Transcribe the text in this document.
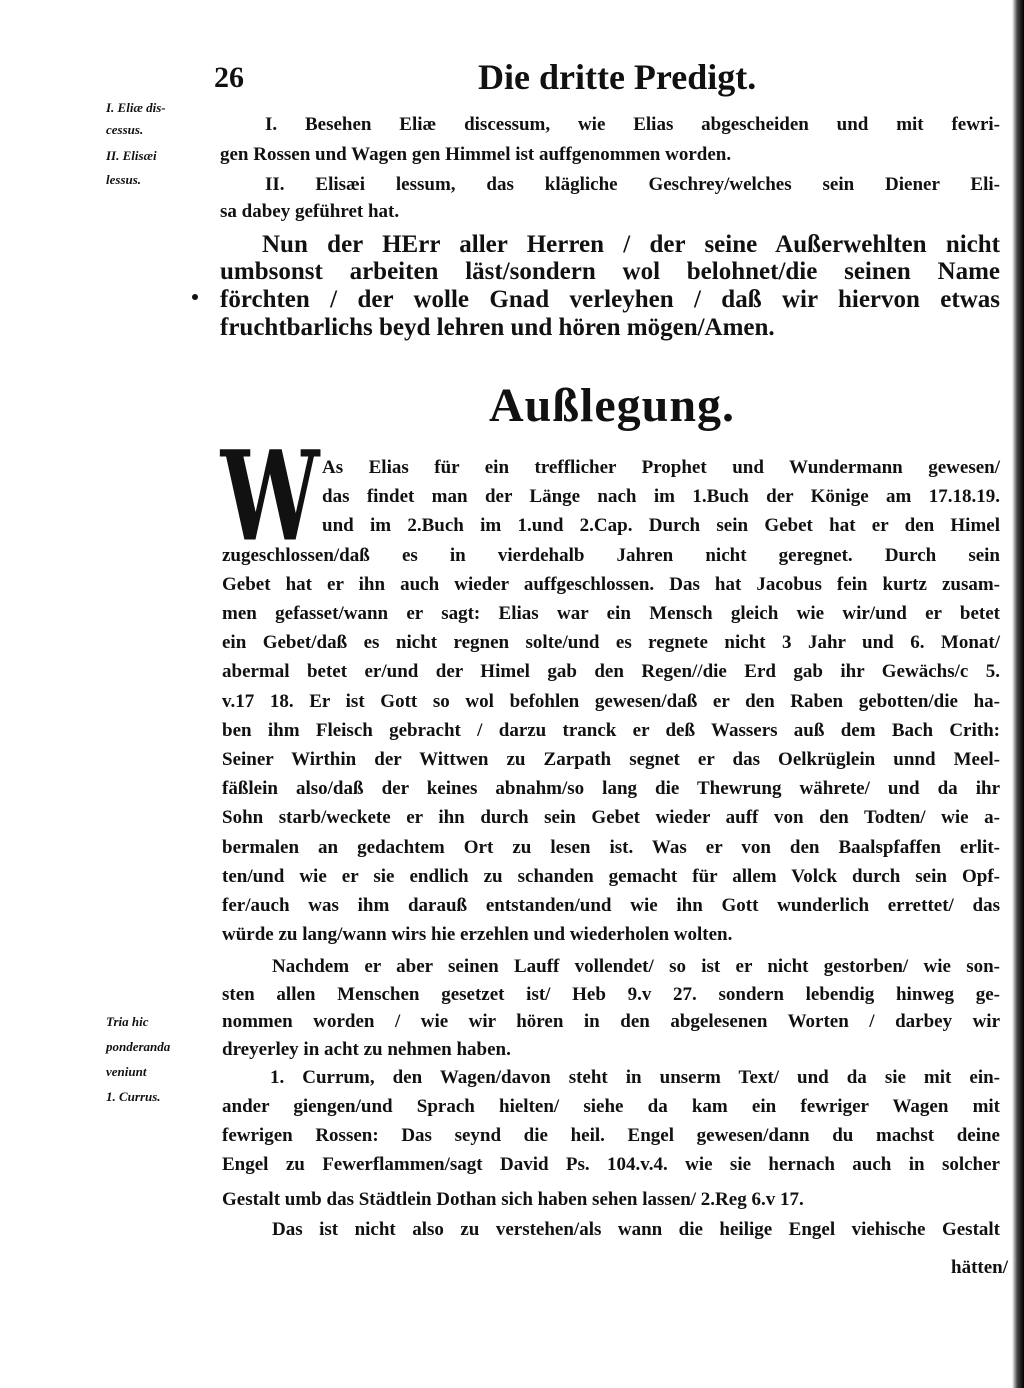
26	Die dritte Predigt.
I. Eliæ dis-
cessus.
II. Elisæi
lessus.
I. Besehen Eliæ discessum, wie Elias abgescheiden und mit fewri-
gen Rossen und Wagen gen Himmel ist auffgenommen worden.
II. Elisæi lessum, das klägliche Geschrey/welches sein Diener Eli-
sa dabey geführet hat.
Nun der HErr aller Herren / der seine Außerwehlten nicht
umbsonst arbeiten läst/sondern wol belohnet/die seinen Name
förchten / der wolle Gnad verleyhen / daß wir hiervon etwas
fruchtbarlichs beyd lehren und hören mögen/Amen.
Außlegung.
W As Elias für ein trefflicher Prophet und Wundermann gewesen/
das findet man der Länge nach im 1.Buch der Könige am 17.18.19.
und im 2.Buch im 1.und 2.Cap. Durch sein Gebet hat er den Himel
zugeschlossen/daß es in vierdehalb Jahren nicht geregnet. Durch sein
Gebet hat er ihn auch wieder auffgeschlossen. Das hat Jacobus fein kurtz zusam-
men gefasset/wann er sagt: Elias war ein Mensch gleich wie wir/und er betet
ein Gebet/daß es nicht regnen solte/und es regnete nicht 3 Jahr und 6. Monat/
abermal betet er/und der Himel gab den Regen//die Erd gab ihr Gewächs/c 5.
v.17 18. Er ist Gott so wol befohlen gewesen/daß er den Raben gebotten/die ha-
ben ihm Fleisch gebracht / darzu tranck er deß Wassers auß dem Bach Crith:
Seiner Wirthin der Wittwen zu Zarpath segnet er das Oelkrüglein unnd Meel-
fäßlein also/daß der keines abnahm/so lang die Thewrung währete/ und da ihr
Sohn starb/weckete er ihn durch sein Gebet wieder auff von den Todten/ wie a-
bermalen an gedachtem Ort zu lesen ist. Was er von den Baalspfaffen erlit-
ten/und wie er sie endlich zu schanden gemacht für allem Volck durch sein Opf-
fer/auch was ihm darauß entstanden/und wie ihn Gott wunderlich errettet/ das
würde zu lang/wann wirs hie erzehlen und wiederholen wolten.
Nachdem er aber seinen Lauff vollendet/ so ist er nicht gestorben/ wie son-
sten allen Menschen gesetzet ist/ Heb 9.v 27. sondern lebendig hinweg ge-
nommen worden / wie wir hören in den abgelesenen Worten / darbey wir
dreyerley in acht zu nehmen haben.
Tria hic
ponderanda
veniunt
1. Currus.
1. Currum, den Wagen/davon steht in unserm Text/ und da sie mit ein-
ander giengen/und Sprach hielten/ siehe da kam ein fewriger Wagen mit
fewrigen Rossen: Das seynd die heil. Engel gewesen/dann du machst deine
Engel zu Fewerflammen/sagt David Ps. 104.v.4. wie sie hernach auch in solcher
Gestalt umb das Städtlein Dothan sich haben sehen lassen/ 2.Reg 6.v 17.
Das ist nicht also zu verstehen/als wann die heilige Engel viehische Gestalt
hätten/
